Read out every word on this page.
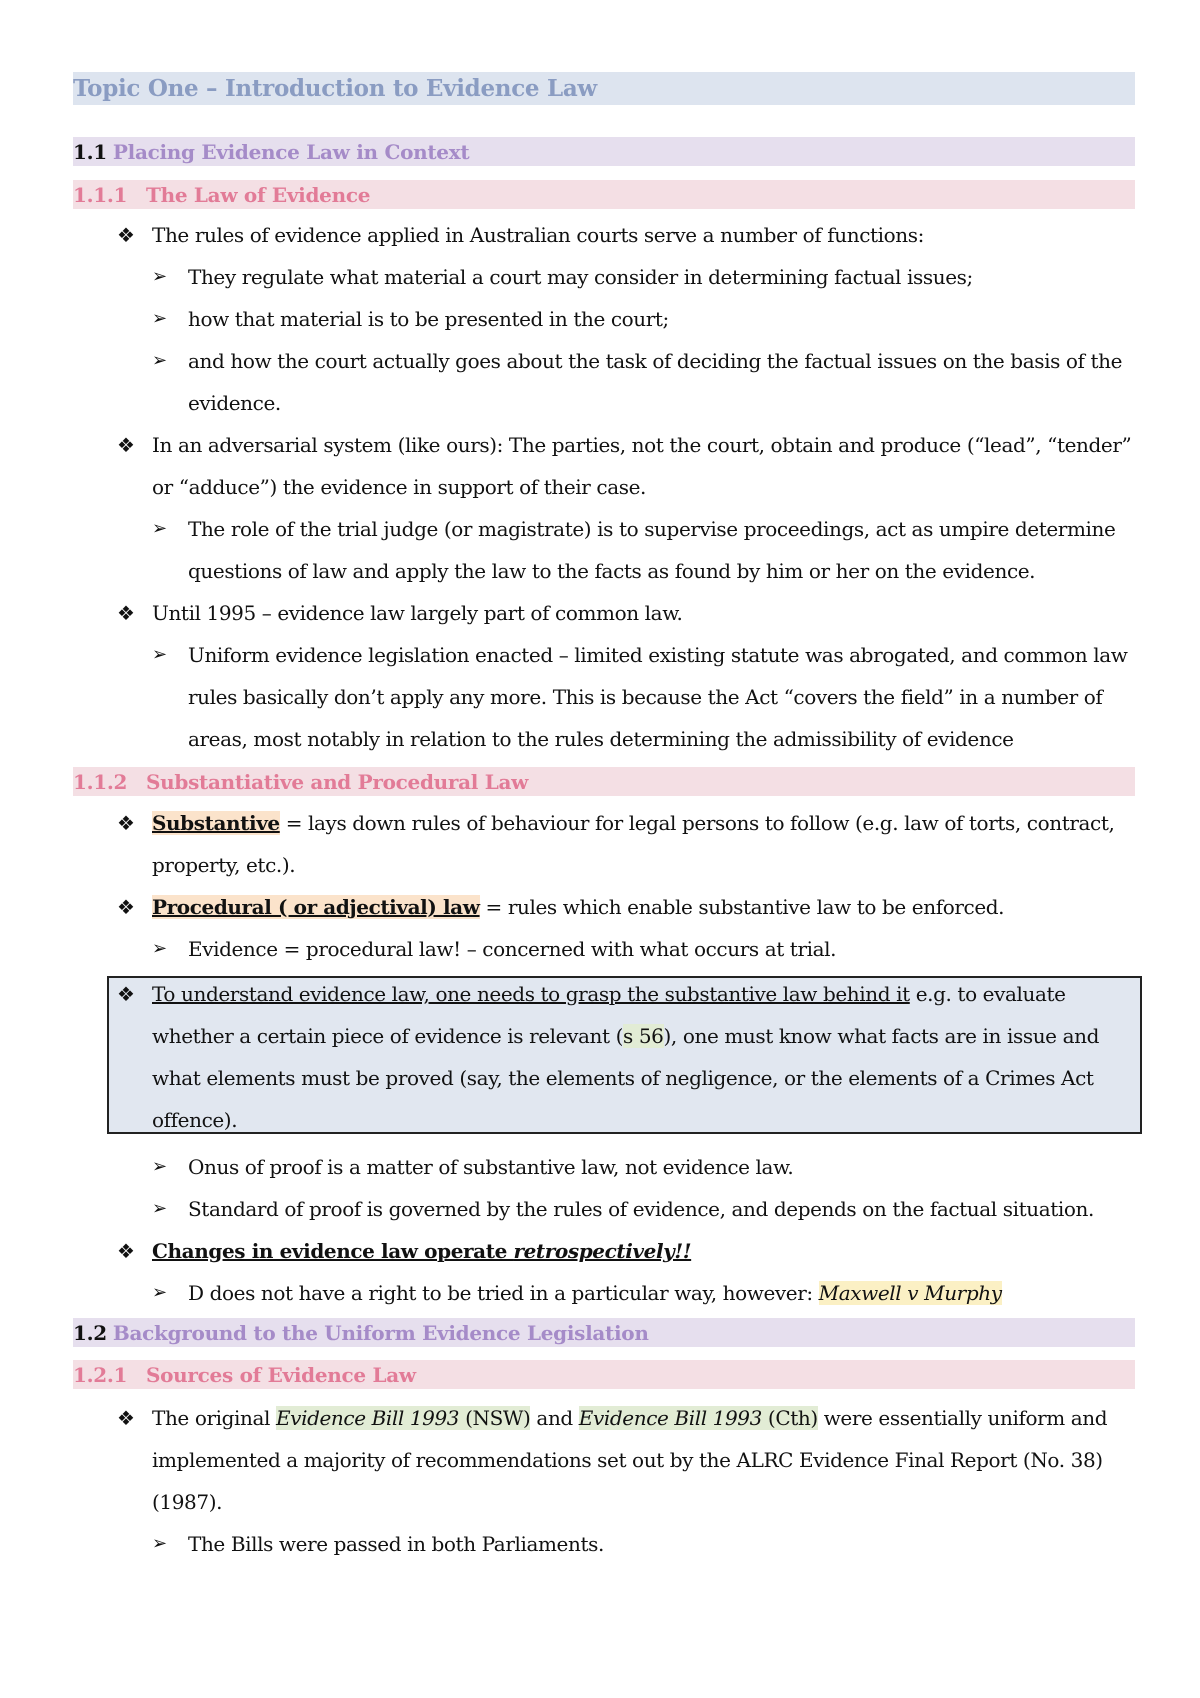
Topic One – Introduction to Evidence Law
1.1 Placing Evidence Law in Context
1.1.1 The Law of Evidence
❖ The rules of evidence applied in Australian courts serve a number of functions:
➢ They regulate what material a court may consider in determining factual issues;
➢ how that material is to be presented in the court;
➢ and how the court actually goes about the task of deciding the factual issues on the basis of the
evidence.
❖ In an adversarial system (like ours): The parties, not the court, obtain and produce (“lead”, “tender”
or “adduce”) the evidence in support of their case.
➢ The role of the trial judge (or magistrate) is to supervise proceedings, act as umpire determine
questions of law and apply the law to the facts as found by him or her on the evidence.
❖ Until 1995 – evidence law largely part of common law.
➢ Uniform evidence legislation enacted – limited existing statute was abrogated, and common law
rules basically don’t apply any more. This is because the Act “covers the field” in a number of
areas, most notably in relation to the rules determining the admissibility of evidence
1.1.2 Substantiative and Procedural Law
❖ Substantive = lays down rules of behaviour for legal persons to follow (e.g. law of torts, contract,
property, etc.).
❖ Procedural ( or adjectival) law = rules which enable substantive law to be enforced.
➢ Evidence = procedural law! – concerned with what occurs at trial.
❖ To understand evidence law, one needs to grasp the substantive law behind it e.g. to evaluate
whether a certain piece of evidence is relevant (s 56), one must know what facts are in issue and
what elements must be proved (say, the elements of negligence, or the elements of a Crimes Act
offence).
➢ Onus of proof is a matter of substantive law, not evidence law.
➢ Standard of proof is governed by the rules of evidence, and depends on the factual situation.
❖ Changes in evidence law operate retrospectively!!
➢ D does not have a right to be tried in a particular way, however: Maxwell v Murphy
1.2 Background to the Uniform Evidence Legislation
1.2.1 Sources of Evidence Law
❖ The original Evidence Bill 1993 (NSW) and Evidence Bill 1993 (Cth) were essentially uniform and
implemented a majority of recommendations set out by the ALRC Evidence Final Report (No. 38)
(1987).
➢ The Bills were passed in both Parliaments.
